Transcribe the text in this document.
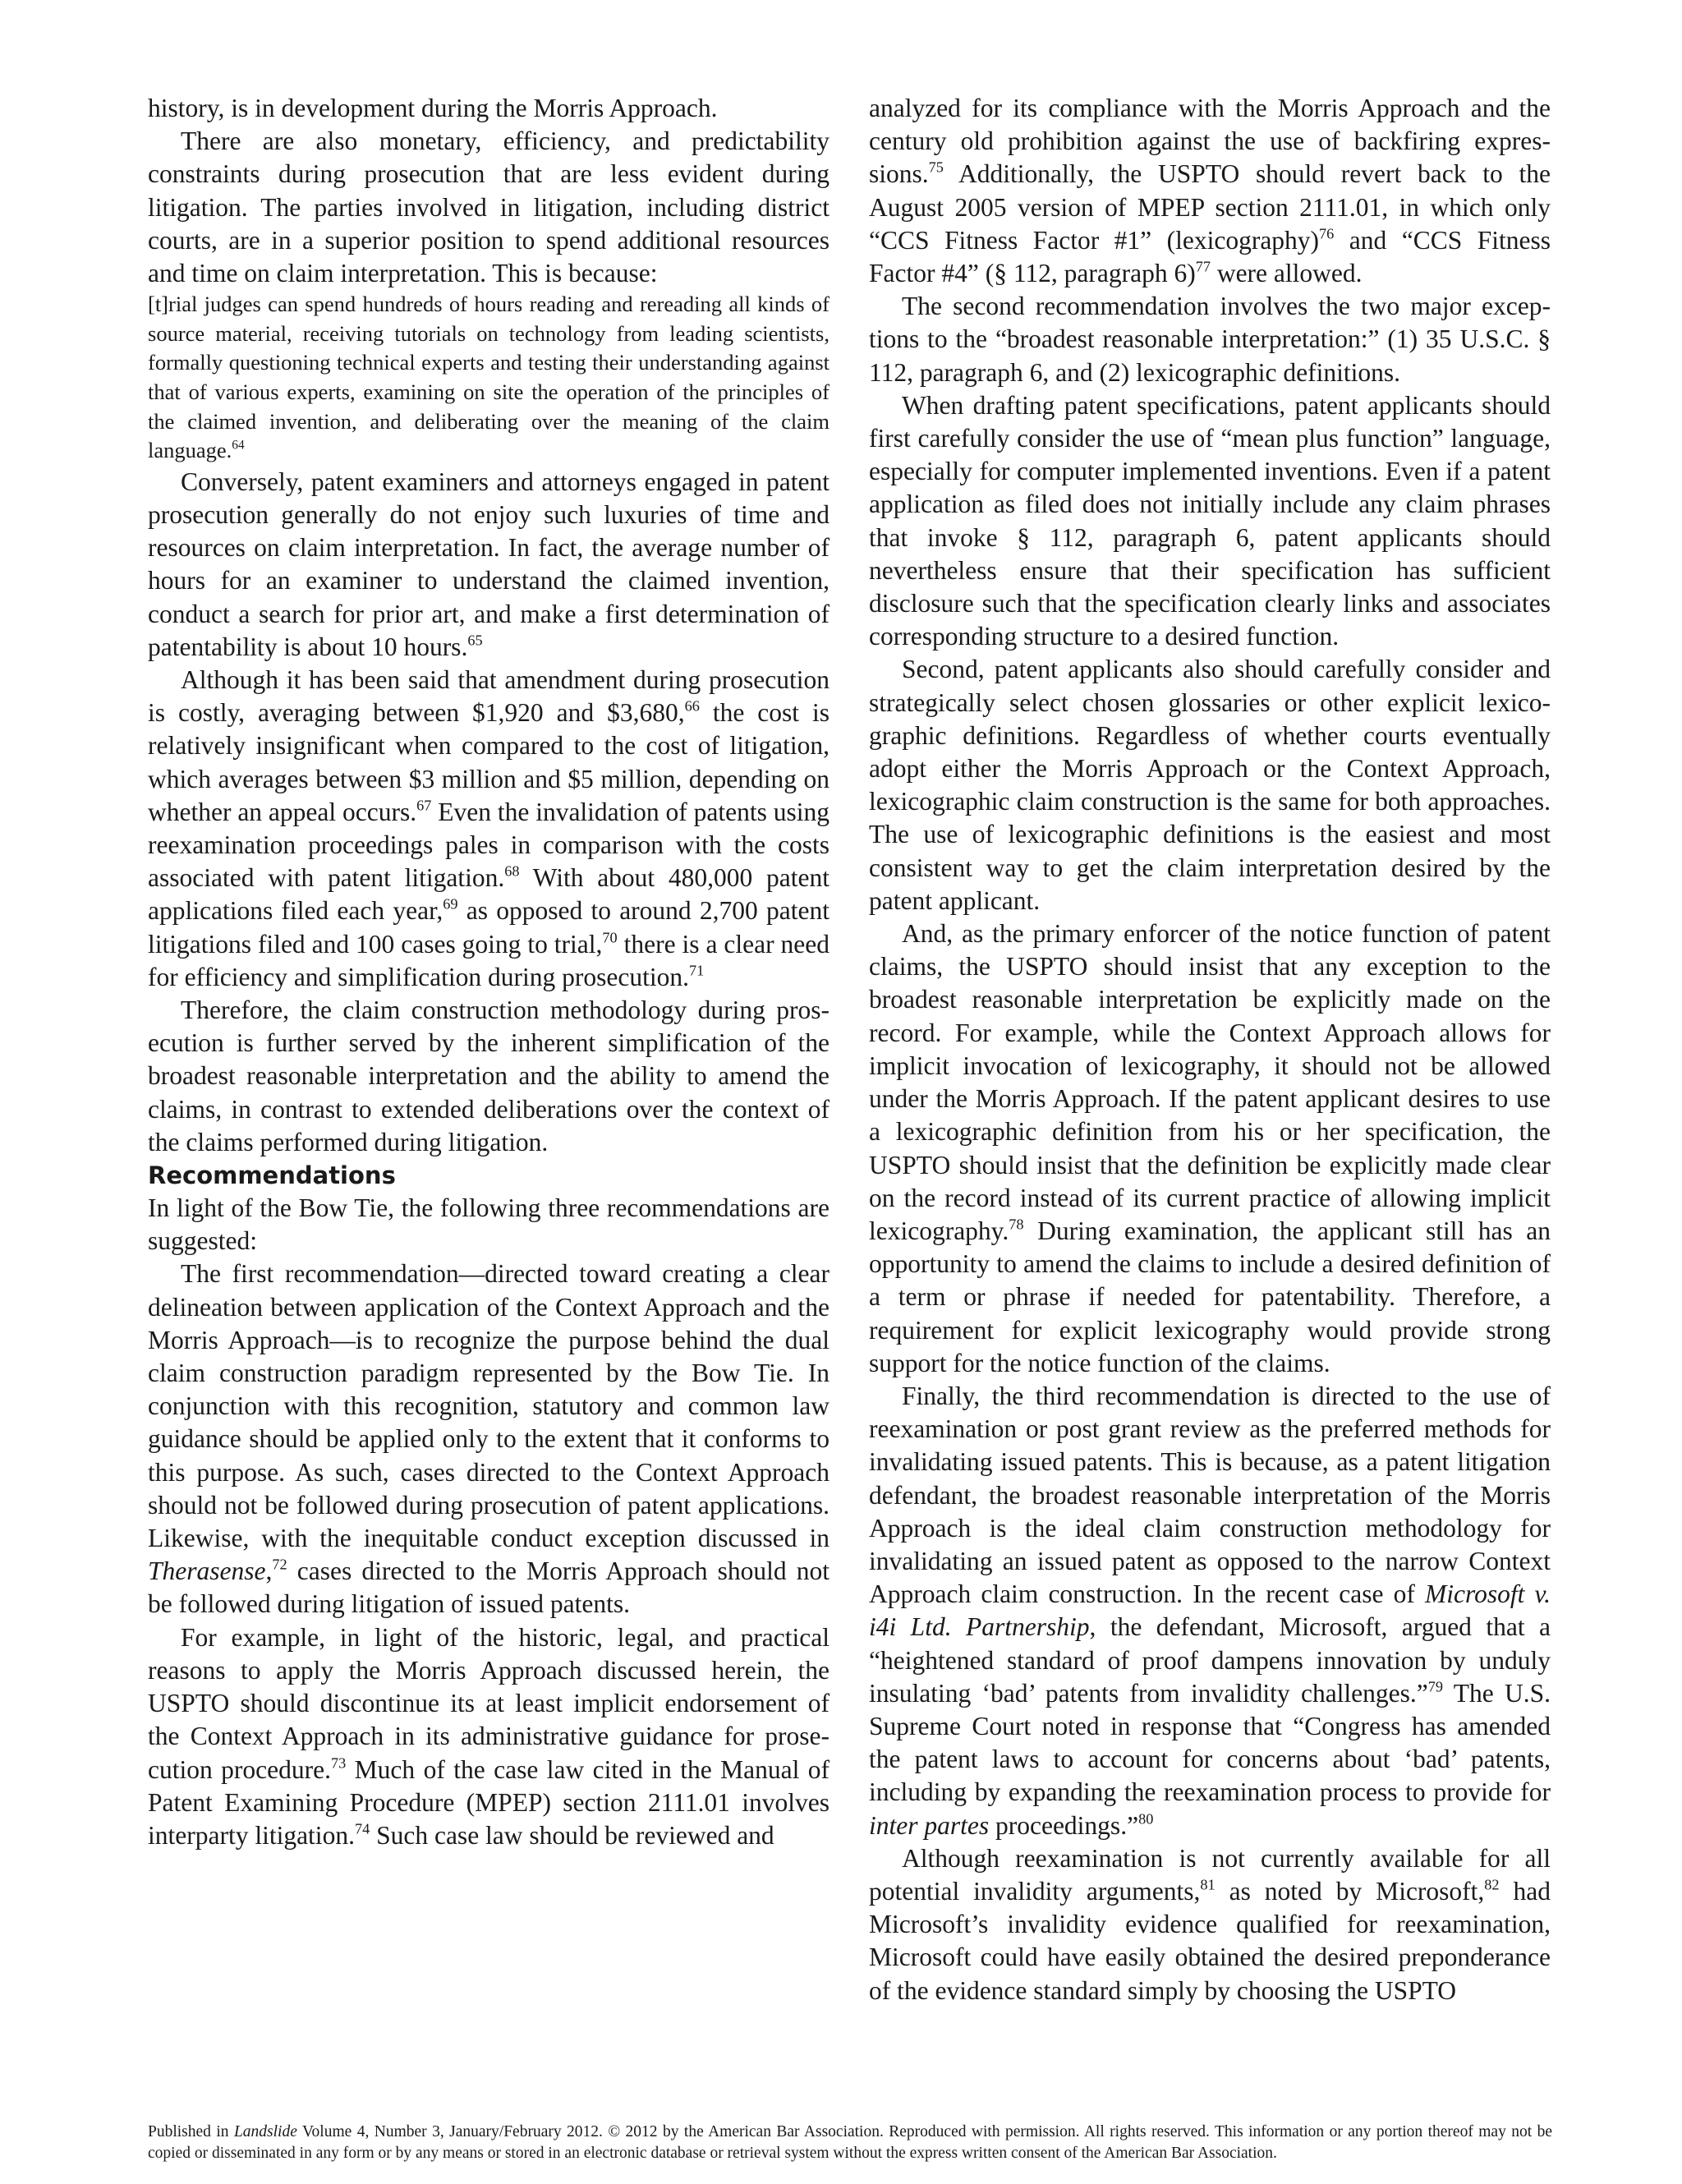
history, is in development during the Morris Approach.

There are also monetary, efficiency, and predictability constraints during prosecution that are less evident during litigation. The parties involved in litigation, including district courts, are in a superior position to spend additional resources and time on claim interpretation. This is because:

[t]rial judges can spend hundreds of hours reading and rereading all kinds of source material, receiving tutorials on technology from leading scientists, formally questioning technical experts and testing their understanding against that of various experts, examining on site the operation of the principles of the claimed invention, and deliberating over the meaning of the claim language.$^{64}$

Conversely, patent examiners and attorneys engaged in patent prosecution generally do not enjoy such luxuries of time and resources on claim interpretation. In fact, the average number of hours for an examiner to understand the claimed invention, conduct a search for prior art, and make a first determination of patentability is about 10 hours.$^{65}$

Although it has been said that amendment during prosecution is costly, averaging between $1,920 and $3,680,66 the cost is relatively insignificant when compared to the cost of litigation, which averages between $3 million and $5 million, depending on whether an appeal occurs.$^{67}$ Even the invalidation of patents using reexamination proceedings pales in comparison with the costs associated with patent litigation.$^{68}$ With about 480,000 patent applications filed each year,$^{69}$ as opposed to around 2,700 patent litigations filed and 100 cases going to trial,$^{70}$ there is a clear need for efficiency and simplification during prosecution.$^{71}$

Therefore, the claim construction methodology during prosecution is further served by the inherent simplification of the broadest reasonable interpretation and the ability to amend the claims, in contrast to extended deliberations over the context of the claims performed during litigation.

Recommendations

In light of the Bow Tie, the following three recommendations are suggested:

The first recommendation—directed toward creating a clear delineation between application of the Context Approach and the Morris Approach—is to recognize the purpose behind the dual claim construction paradigm represented by the Bow Tie. In conjunction with this recognition, statutory and common law guidance should be applied only to the extent that it conforms to this purpose. As such, cases directed to the Context Approach should not be followed during prosecution of patent applications. Likewise, with the inequitable conduct exception discussed in Therasense,$^{72}$ cases directed to the Morris Approach should not be followed during litigation of issued patents.

For example, in light of the historic, legal, and practical reasons to apply the Morris Approach discussed herein, the USPTO should discontinue its at least implicit endorsement of the Context Approach in its administrative guidance for prosecution procedure.$^{73}$ Much of the case law cited in the Manual of Patent Examining Procedure (MPEP) section 2111.01 involves interparty litigation.$^{74}$ Such case law should be reviewed and

analyzed for its compliance with the Morris Approach and the century old prohibition against the use of backfiring expressions.$^{75}$ Additionally, the USPTO should revert back to the August 2005 version of MPEP section 2111.01, in which only “CCS Fitness Factor #1” (lexicography)$^{76}$ and “CCS Fitness Factor #4” (§ 112, paragraph 6)$^{77}$ were allowed.

The second recommendation involves the two major exceptions to the “broadest reasonable interpretation:” (1) 35 U.S.C. § 112, paragraph 6, and (2) lexicographic definitions.

When drafting patent specifications, patent applicants should first carefully consider the use of “mean plus function” language, especially for computer implemented inventions. Even if a patent application as filed does not initially include any claim phrases that invoke § 112, paragraph 6, patent applicants should nevertheless ensure that their specification has sufficient disclosure such that the specification clearly links and associates corresponding structure to a desired function.

Second, patent applicants also should carefully consider and strategically select chosen glossaries or other explicit lexicographic definitions. Regardless of whether courts eventually adopt either the Morris Approach or the Context Approach, lexicographic claim construction is the same for both approaches. The use of lexicographic definitions is the easiest and most consistent way to get the claim interpretation desired by the patent applicant.

And, as the primary enforcer of the notice function of patent claims, the USPTO should insist that any exception to the broadest reasonable interpretation be explicitly made on the record. For example, while the Context Approach allows for implicit invocation of lexicography, it should not be allowed under the Morris Approach. If the patent applicant desires to use a lexicographic definition from his or her specification, the USPTO should insist that the definition be explicitly made clear on the record instead of its current practice of allowing implicit lexicography.$^{78}$ During examination, the applicant still has an opportunity to amend the claims to include a desired definition of a term or phrase if needed for patentability. Therefore, a requirement for explicit lexicography would provide strong support for the notice function of the claims.

Finally, the third recommendation is directed to the use of reexamination or post grant review as the preferred methods for invalidating issued patents. This is because, as a patent litigation defendant, the broadest reasonable interpretation of the Morris Approach is the ideal claim construction methodology for invalidating an issued patent as opposed to the narrow Context Approach claim construction. In the recent case of Microsoft v. i4i Ltd. Partnership, the defendant, Microsoft, argued that a “heightened standard of proof dampens innovation by unduly insulating ‘bad’ patents from invalidity challenges.”$^{79}$ The U.S. Supreme Court noted in response that “Congress has amended the patent laws to account for concerns about ‘bad’ patents, including by expanding the reexamination process to provide for inter partes proceedings.”$^{80}$

Although reexamination is not currently available for all potential invalidity arguments,$^{81}$ as noted by Microsoft,$^{82}$ had Microsoft’s invalidity evidence qualified for reexamination, Microsoft could have easily obtained the desired preponderance of the evidence standard simply by choosing the USPTO

Published in Landslide Volume 4, Number 3, January/February 2012. © 2012 by the American Bar Association. Reproduced with permission. All rights reserved. This information or any portion thereof may not be copied or disseminated in any form or by any means or stored in an electronic database or retrieval system without the express written consent of the American Bar Association.
